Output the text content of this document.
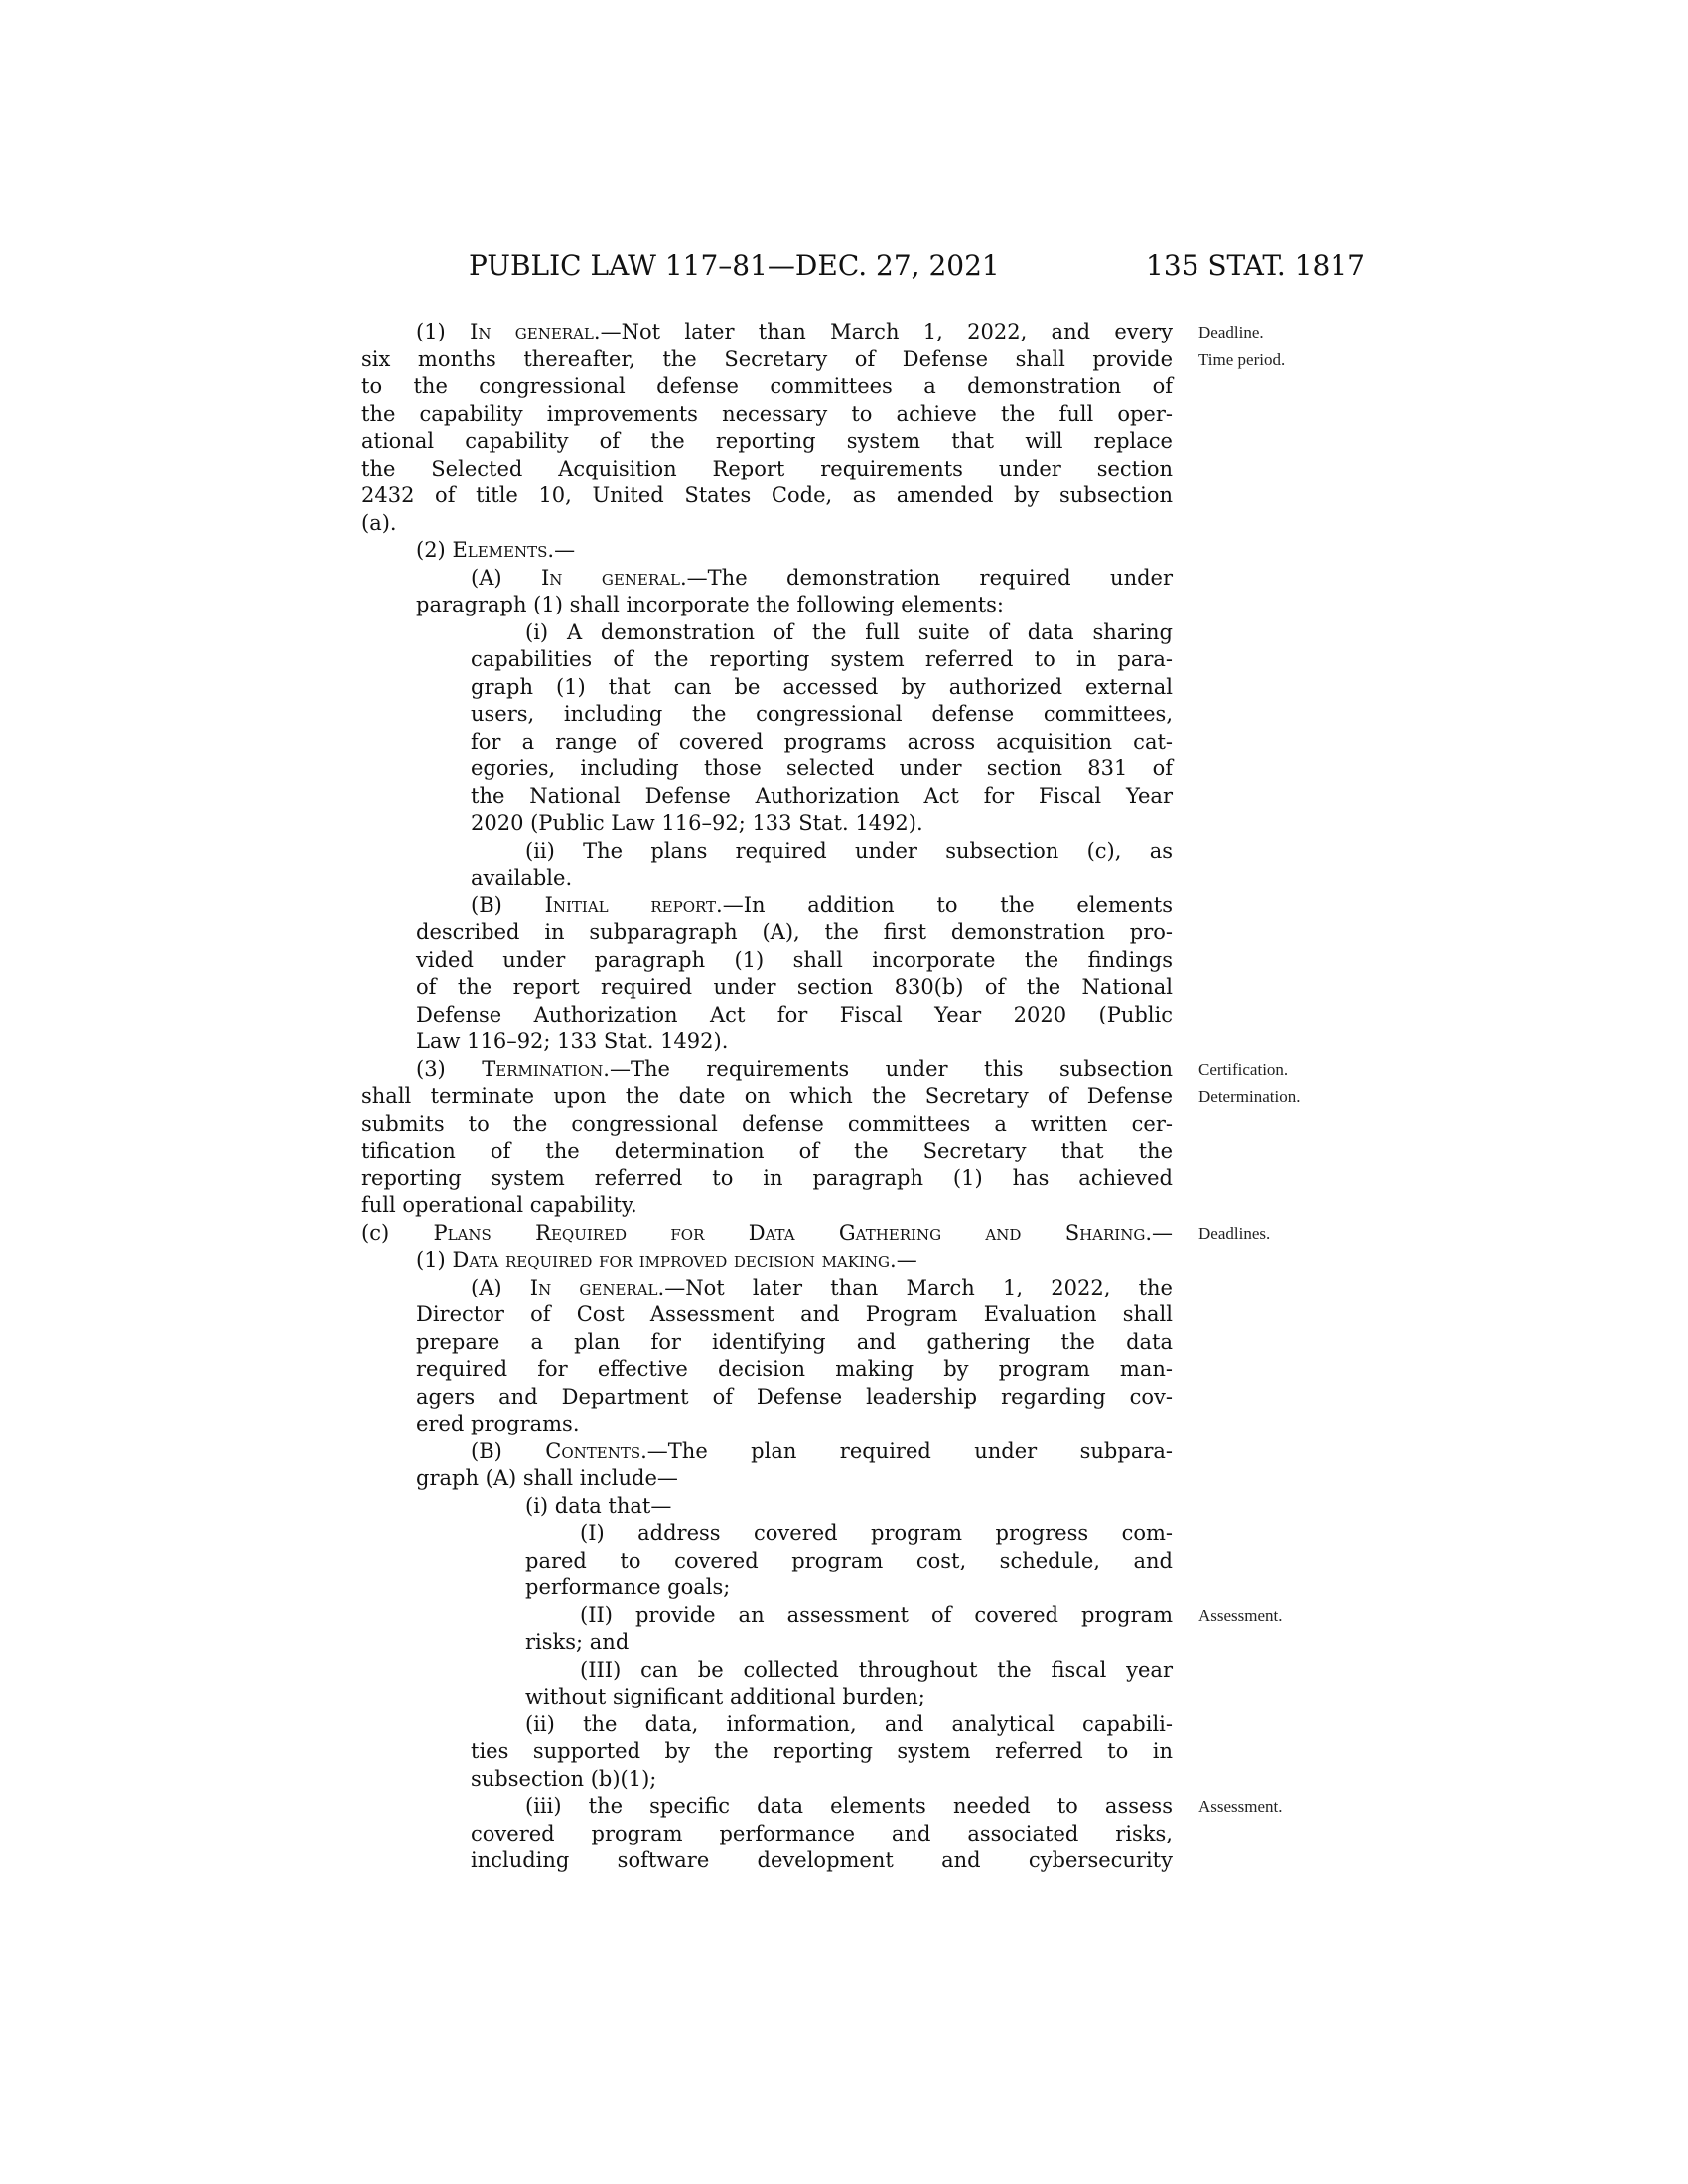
PUBLIC LAW 117–81—DEC. 27, 2021	135 STAT. 1817
(1) In general.—Not later than March 1, 2022, and every Deadline.
six months thereafter, the Secretary of Defense shall provide Time period.
to the congressional defense committees a demonstration of
the capability improvements necessary to achieve the full oper-
ational capability of the reporting system that will replace
the Selected Acquisition Report requirements under section
2432 of title 10, United States Code, as amended by subsection
(a).
(2) Elements.—
(A) In general.—The demonstration required under
paragraph (1) shall incorporate the following elements:
(i) A demonstration of the full suite of data sharing
capabilities of the reporting system referred to in para-
graph (1) that can be accessed by authorized external
users, including the congressional defense committees,
for a range of covered programs across acquisition cat-
egories, including those selected under section 831 of
the National Defense Authorization Act for Fiscal Year
2020 (Public Law 116–92; 133 Stat. 1492).
(ii) The plans required under subsection (c), as
available.
(B) Initial report.—In addition to the elements
described in subparagraph (A), the first demonstration pro-
vided under paragraph (1) shall incorporate the findings
of the report required under section 830(b) of the National
Defense Authorization Act for Fiscal Year 2020 (Public
Law 116–92; 133 Stat. 1492).
(3) Termination.—The requirements under this subsection Certification.
shall terminate upon the date on which the Secretary of Defense Determination.
submits to the congressional defense committees a written cer-
tification of the determination of the Secretary that the
reporting system referred to in paragraph (1) has achieved
full operational capability.
(c) Plans Required for Data Gathering and Sharing.— Deadlines.
(1) Data required for improved decision making.—
(A) In general.—Not later than March 1, 2022, the
Director of Cost Assessment and Program Evaluation shall
prepare a plan for identifying and gathering the data
required for effective decision making by program man-
agers and Department of Defense leadership regarding cov-
ered programs.
(B) Contents.—The plan required under subpara-
graph (A) shall include—
(i) data that—
(I) address covered program progress com-
pared to covered program cost, schedule, and
performance goals;
(II) provide an assessment of covered program Assessment.
risks; and
(III) can be collected throughout the fiscal year
without significant additional burden;
(ii) the data, information, and analytical capabili-
ties supported by the reporting system referred to in
subsection (b)(1);
(iii) the specific data elements needed to assess Assessment.
covered program performance and associated risks,
including software development and cybersecurity
